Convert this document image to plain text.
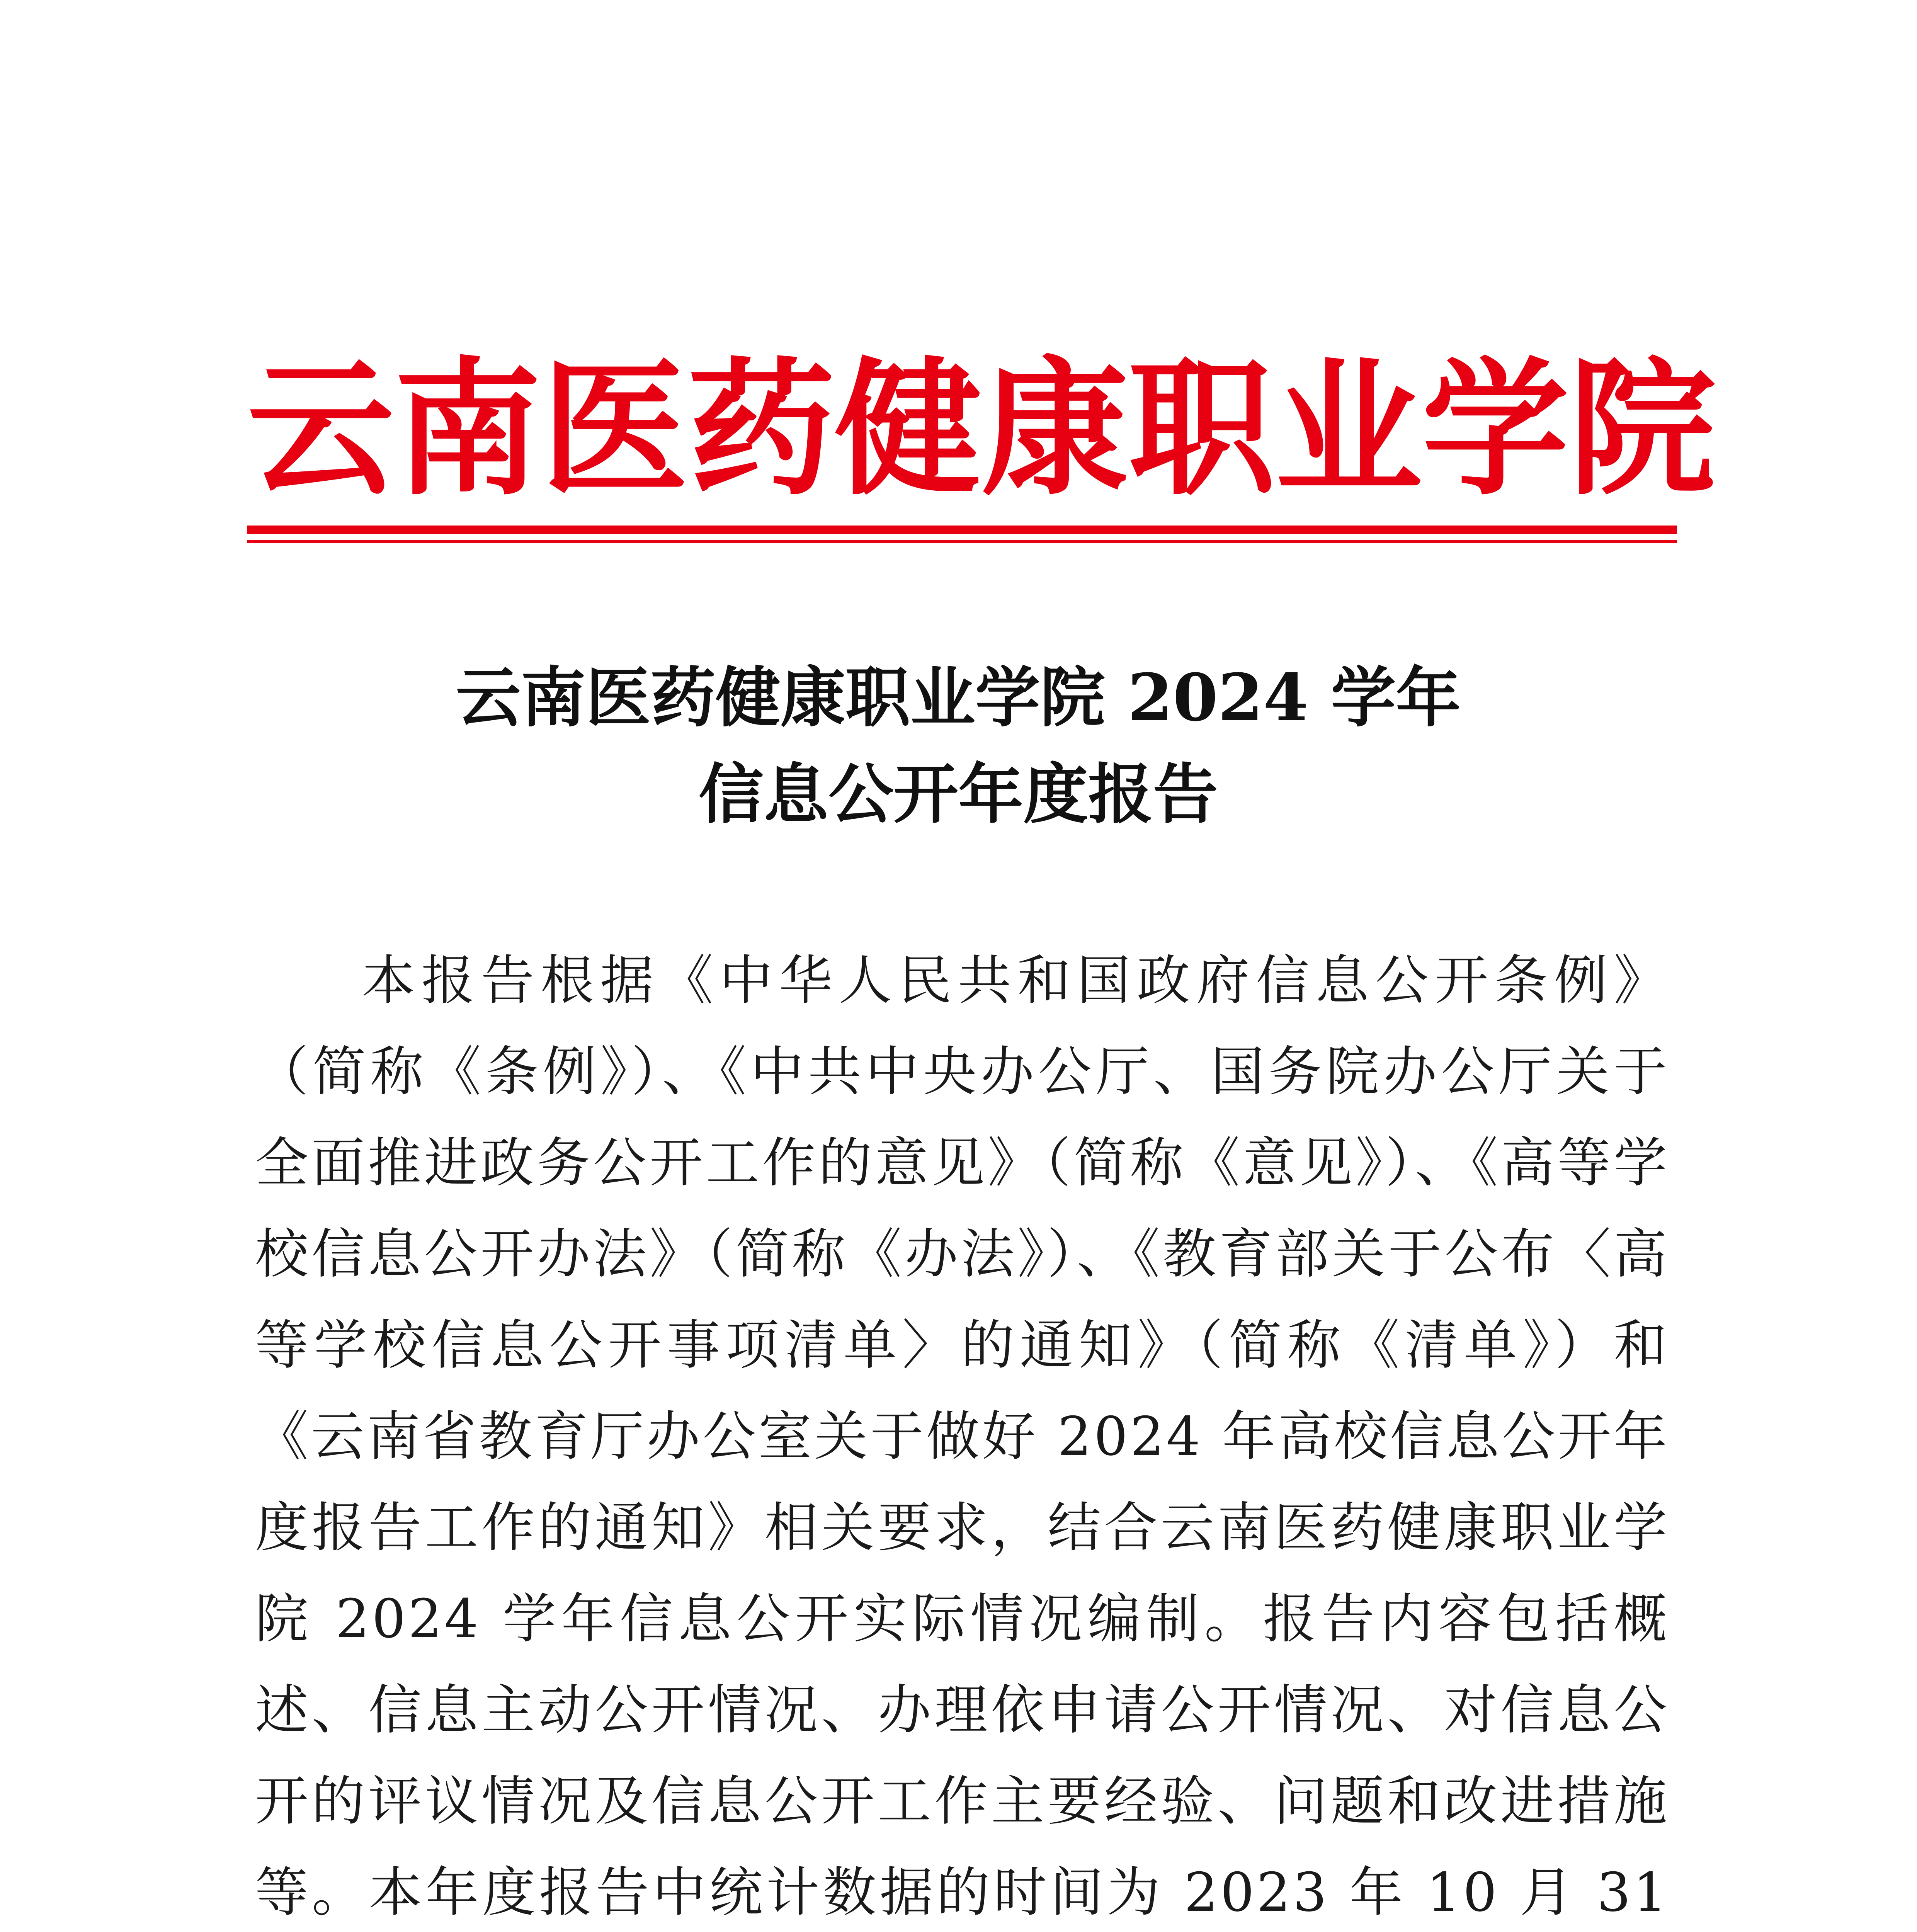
云 南 医 药 健 康 职 业 学 院
云南医药健康职业学院 2024 学年
信息公开年度报告

本报告根据《中华人民共和国政府信息公开条例》（简称《条例》）、《中共中央办公厅、国务院办公厅关于全面推进政务公开工作的意见》（简称《意见》）、《高等学校信息公开办法》（简称《办法》）、《教育部关于公布〈高等学校信息公开事项清单〉的通知》（简称《清单》）和《云南省教育厅办公室关于做好 2024 年高校信息公开年度报告工作的通知》相关要求，结合云南医药健康职业学院 2024 学年信息公开实际情况编制。报告内容包括概述、信息主动公开情况、办理依申请公开情况、对信息公开的评议情况及信息公开工作主要经验、问题和改进措施等。本年度报告中统计数据的时间为 2023 年 10 月 31
